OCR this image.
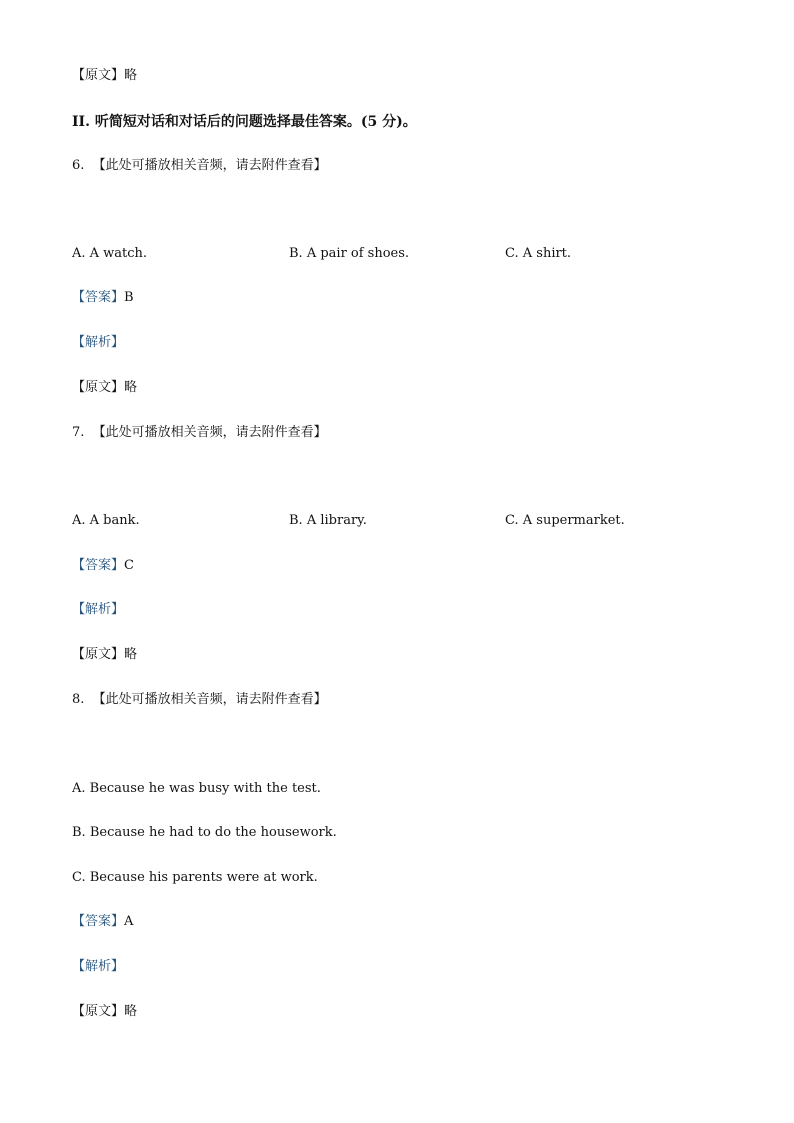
【原文】略
II. 听简短对话和对话后的问题选择最佳答案。(5 分)。
6. 【此处可播放相关音频，请去附件查看】
A. A watch.	B. A pair of shoes.	C. A shirt.
【答案】B
【解析】
【原文】略
7. 【此处可播放相关音频，请去附件查看】
A. A bank.	B. A library.	C. A supermarket.
【答案】C
【解析】
【原文】略
8. 【此处可播放相关音频，请去附件查看】
A. Because he was busy with the test.
B. Because he had to do the housework.
C. Because his parents were at work.
【答案】A
【解析】
【原文】略
